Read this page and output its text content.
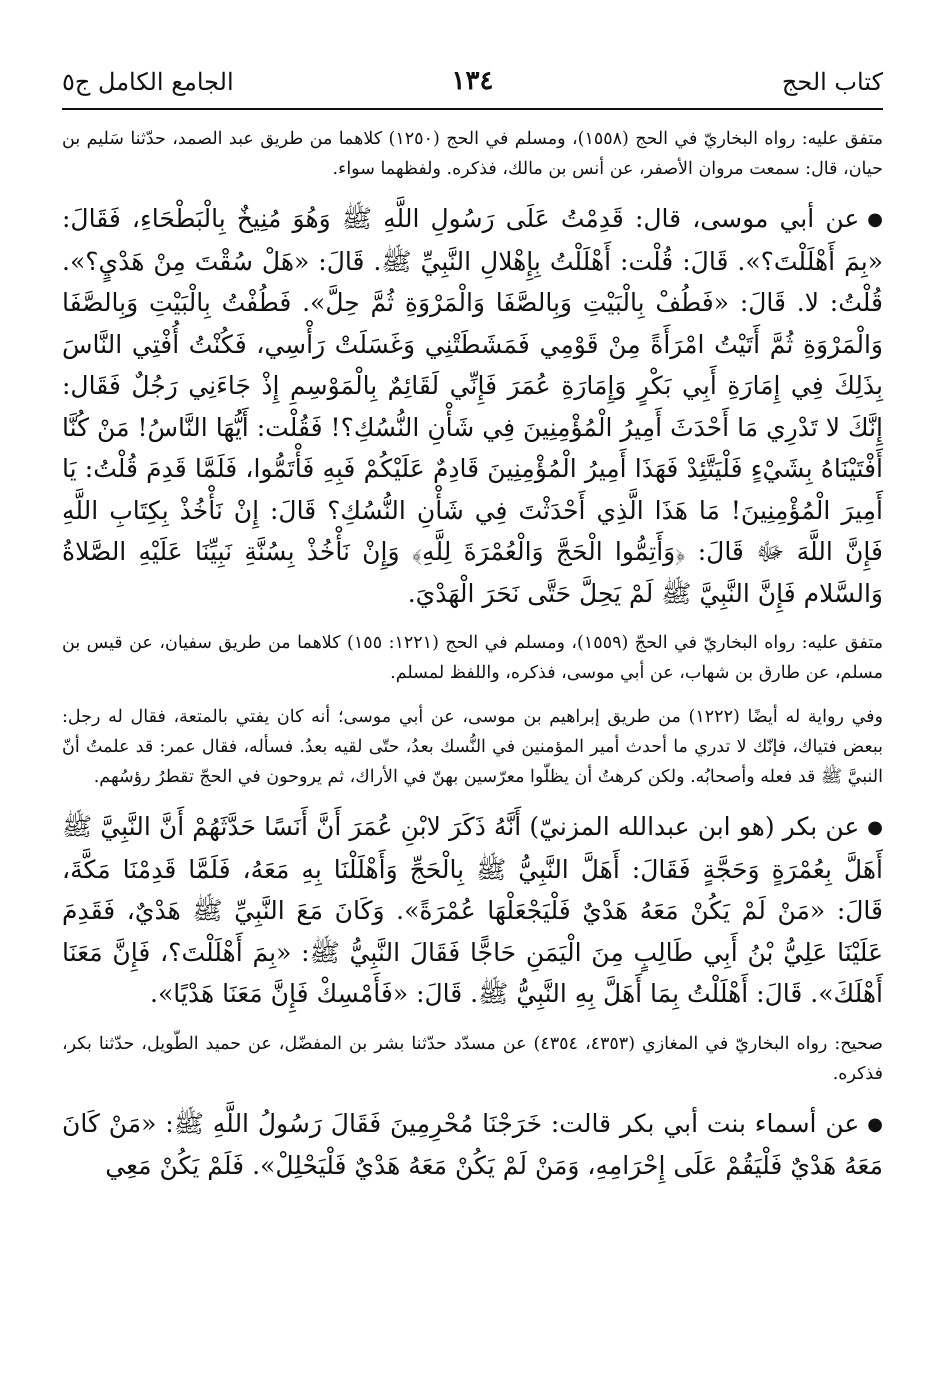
كتاب الحج
١٣٤
الجامع الكامل ج٥

متفق عليه: رواه البخاريّ في الحج (١٥٥٨)، ومسلم في الحج (١٢٥٠) كلاهما من طريق عبد الصمد، حدّثنا سَليم بن حيان، قال: سمعت مروان الأصفر، عن أنس بن مالك، فذكره. ولفظهما سواء.

●عن أبي موسى، قال: قَدِمْتُ عَلَى رَسُولِ اللَّهِ ﷺ وَهُوَ مُنِيخٌ بِالْبَطْحَاءِ، فَقَالَ: «بِمَ أَهْلَلْتَ؟». قَالَ: قُلْت: أَهْلَلْتُ بِإِهْلالِ النَّبِيِّ ﷺ. قَالَ: «هَلْ سُقْتَ مِنْ هَدْيٍ؟». قُلْتُ: لا. قَالَ: «فَطُفْ بِالْبَيْتِ وَبِالصَّفَا وَالْمَرْوَةِ ثُمَّ حِلَّ». فَطُفْتُ بِالْبَيْتِ وَبِالصَّفَا وَالْمَرْوَةِ ثُمَّ أَتَيْتُ امْرَأَةً مِنْ قَوْمِي فَمَشَطَتْنِي وَغَسَلَتْ رَأْسِي، فَكُنْتُ أُفْتِي النَّاسَ بِذَلِكَ فِي إِمَارَةِ أَبِي بَكْرٍ وَإِمَارَةِ عُمَرَ فَإِنِّي لَقَائِمٌ بِالْمَوْسِمِ إِذْ جَاءَنِي رَجُلٌ فَقَال: إِنَّكَ لا تَدْرِي مَا أَحْدَثَ أَمِيرُ الْمُؤْمِنِينَ فِي شَأْنِ النُّسُكِ؟! فَقُلْت: أَيُّهَا النَّاسُ! مَنْ كُنَّا أَفْتَيْنَاهُ بِشَيْءٍ فَلْيَتَّئِدْ فَهَذَا أَمِيرُ الْمُؤْمِنِينَ قَادِمٌ عَلَيْكُمْ فَبِهِ فَأْتَمُّوا، فَلَمَّا قَدِمَ قُلْتُ: يَا أَمِيرَ الْمُؤْمِنِينَ! مَا هَذَا الَّذِي أَحْدَثْتَ فِي شَأْنِ النُّسُكِ؟ قَالَ: إِنْ نَأْخُذْ بِكِتَابِ اللَّهِ فَإِنَّ اللَّهَ ﷻ قَالَ: ﴿وَأَتِمُّوا الْحَجَّ وَالْعُمْرَةَ لِلَّهِ﴾ وَإِنْ نَأْخُذْ بِسُنَّةِ نَبِيِّنَا عَلَيْهِ الصَّلاةُ وَالسَّلام فَإِنَّ النَّبِيَّ ﷺ لَمْ يَحِلَّ حَتَّى نَحَرَ الْهَدْيَ.

متفق عليه: رواه البخاريّ في الحجّ (١٥٥٩)، ومسلم في الحج (١٢٢١: ١٥٥) كلاهما من طريق سفيان، عن قيس بن مسلم، عن طارق بن شهاب، عن أبي موسى، فذكره، واللفظ لمسلم.

وفي رواية له أيضًا (١٢٢٢) من طريق إبراهيم بن موسى، عن أبي موسى؛ أنه كان يفتي بالمتعة، فقال له رجل: ببعض فتياك، فإنّك لا تدري ما أحدث أمير المؤمنين في النُّسك بعدُ، حتّى لقيه بعدُ. فسأله، فقال عمر: قد علمتُ أنّ النبيَّ ﷺ قد فعله وأصحابُه. ولكن كرهتُ أن يظلّوا معرّسين بهنّ في الأراك، ثم يروحون في الحجّ تقطرُ رؤسُهم.

●عن بكر (هو ابن عبدالله المزنيّ) أَنَّهُ ذَكَرَ لابْنِ عُمَرَ أَنَّ أَنَسًا حَدَّثَهُمْ أَنَّ النَّبِيَّ ﷺ أَهَلَّ بِعُمْرَةٍ وَحَجَّةٍ فَقَالَ: أَهَلَّ النَّبِيُّ ﷺ بِالْحَجِّ وَأَهْلَلْنَا بِهِ مَعَهُ، فَلَمَّا قَدِمْنَا مَكَّةَ، قَالَ: «مَنْ لَمْ يَكُنْ مَعَهُ هَدْيٌ فَلْيَجْعَلْهَا عُمْرَةً». وَكَانَ مَعَ النَّبِيِّ ﷺ هَدْيٌ، فَقَدِمَ عَلَيْنَا عَلِيُّ بْنُ أَبِي طَالِبٍ مِنَ الْيَمَنِ حَاجًّا فَقَالَ النَّبِيُّ ﷺ: «بِمَ أَهْلَلْتَ؟، فَإِنَّ مَعَنَا أَهْلَكَ». قَالَ: أَهْلَلْتُ بِمَا أَهَلَّ بِهِ النَّبِيُّ ﷺ. قَالَ: «فَأَمْسِكْ فَإِنَّ مَعَنَا هَدْيًا».

صحيح: رواه البخاريّ في المغازي (٤٣٥٣، ٤٣٥٤) عن مسدّد حدّثنا بشر بن المفضّل، عن حميد الطّويل، حدّثنا بكر، فذكره.

●عن أسماء بنت أبي بكر قالت: خَرَجْنَا مُحْرِمِينَ فَقَالَ رَسُولُ اللَّهِ ﷺ: «مَنْ كَانَ مَعَهُ هَدْيٌ فَلْيَقُمْ عَلَى إِحْرَامِهِ، وَمَنْ لَمْ يَكُنْ مَعَهُ هَدْيٌ فَلْيَحْلِلْ». فَلَمْ يَكُنْ مَعِي
